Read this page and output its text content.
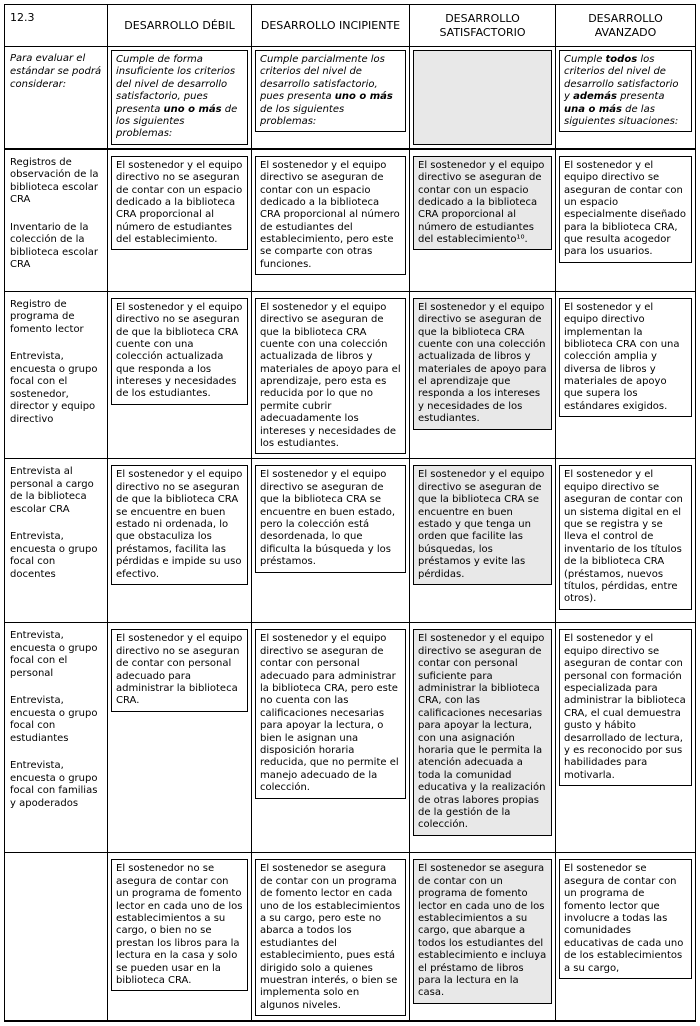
12.3
DESARROLLO DÉBIL DESARROLLO INCIPIENTE
DESARROLLO SATISFACTORIO
DESARROLLO AVANZADO
Para evaluar el estándar se podrá considerar:
Cumple de forma insuficiente los criterios del nivel de desarrollo satisfactorio, pues presenta uno o más de los siguientes problemas:
Cumple parcialmente los criterios del nivel de desarrollo satisfactorio, pues presenta uno o más de los siguientes problemas:
Cumple todos los criterios del nivel de desarrollo satisfactorio y además presenta una o más de las siguientes situaciones:

Registros de observación de la biblioteca escolar CRA

Inventario de la colección de la biblioteca escolar CRA

El sostenedor y el equipo directivo no se aseguran de contar con un espacio dedicado a la biblioteca CRA proporcional al número de estudiantes del establecimiento.
El sostenedor y el equipo directivo se aseguran de contar con un espacio dedicado a la biblioteca CRA proporcional al número de estudiantes del establecimiento, pero este se comparte con otras funciones.
El sostenedor y el equipo directivo se aseguran de contar con un espacio dedicado a la biblioteca CRA proporcional al número de estudiantes del establecimiento¹⁰.
El sostenedor y el equipo directivo se aseguran de contar con un espacio especialmente diseñado para la biblioteca CRA, que resulta acogedor para los usuarios.

Registro de programa de fomento lector

Entrevista, encuesta o grupo focal con el sostenedor, director y equipo directivo

El sostenedor y el equipo directivo no se aseguran de que la biblioteca CRA cuente con una colección actualizada que responda a los intereses y necesidades de los estudiantes.
El sostenedor y el equipo directivo se aseguran de que la biblioteca CRA cuente con una colección actualizada de libros y materiales de apoyo para el aprendizaje, pero esta es reducida por lo que no permite cubrir adecuadamente los intereses y necesidades de los estudiantes.
El sostenedor y el equipo directivo se aseguran de que la biblioteca CRA cuente con una colección actualizada de libros y materiales de apoyo para el aprendizaje que responda a los intereses y necesidades de los estudiantes.
El sostenedor y el equipo directivo implementan la biblioteca CRA con una colección amplia y diversa de libros y materiales de apoyo que supera los estándares exigidos.

Entrevista al personal a cargo de la biblioteca escolar CRA

Entrevista, encuesta o grupo focal con docentes

El sostenedor y el equipo directivo no se aseguran de que la biblioteca CRA se encuentre en buen estado ni ordenada, lo que obstaculiza los préstamos, facilita las pérdidas e impide su uso efectivo.
El sostenedor y el equipo directivo se aseguran de que la biblioteca CRA se encuentre en buen estado, pero la colección está desordenada, lo que dificulta la búsqueda y los préstamos.
El sostenedor y el equipo directivo se aseguran de que la biblioteca CRA se encuentre en buen estado y que tenga un orden que facilite las búsquedas, los préstamos y evite las pérdidas.
El sostenedor y el equipo directivo se aseguran de contar con un sistema digital en el que se registra y se lleva el control de inventario de los títulos de la biblioteca CRA (préstamos, nuevos títulos, pérdidas, entre otros).

Entrevista, encuesta o grupo focal con el personal

Entrevista, encuesta o grupo focal con estudiantes

Entrevista, encuesta o grupo focal con familias y apoderados

El sostenedor y el equipo directivo no se aseguran de contar con personal adecuado para administrar la biblioteca CRA.
El sostenedor y el equipo directivo se aseguran de contar con personal adecuado para administrar la biblioteca CRA, pero este no cuenta con las calificaciones necesarias para apoyar la lectura, o bien le asignan una disposición horaria reducida, que no permite el manejo adecuado de la colección.
El sostenedor y el equipo directivo se aseguran de contar con personal suficiente para administrar la biblioteca CRA, con las calificaciones necesarias para apoyar la lectura, con una asignación horaria que le permita la atención adecuada a toda la comunidad educativa y la realización de otras labores propias de la gestión de la colección.
El sostenedor y el equipo directivo se aseguran de contar con personal con formación especializada para administrar la biblioteca CRA, el cual demuestra gusto y hábito desarrollado de lectura, y es reconocido por sus habilidades para motivarla.
El sostenedor no se asegura de contar con un programa de fomento lector en cada uno de los establecimientos a su cargo, o bien no se prestan los libros para la lectura en la casa y solo se pueden usar en la biblioteca CRA.
El sostenedor se asegura de contar con un programa de fomento lector en cada uno de los establecimientos a su cargo, pero este no abarca a todos los estudiantes del establecimiento, pues está dirigido solo a quienes muestran interés, o bien se implementa solo en algunos niveles.
El sostenedor se asegura de contar con un programa de fomento lector en cada uno de los establecimientos a su cargo, que abarque a todos los estudiantes del establecimiento e incluya el préstamo de libros para la lectura en la casa.
El sostenedor se asegura de contar con un programa de fomento lector que involucre a todas las comunidades educativas de cada uno de los establecimientos a su cargo,
